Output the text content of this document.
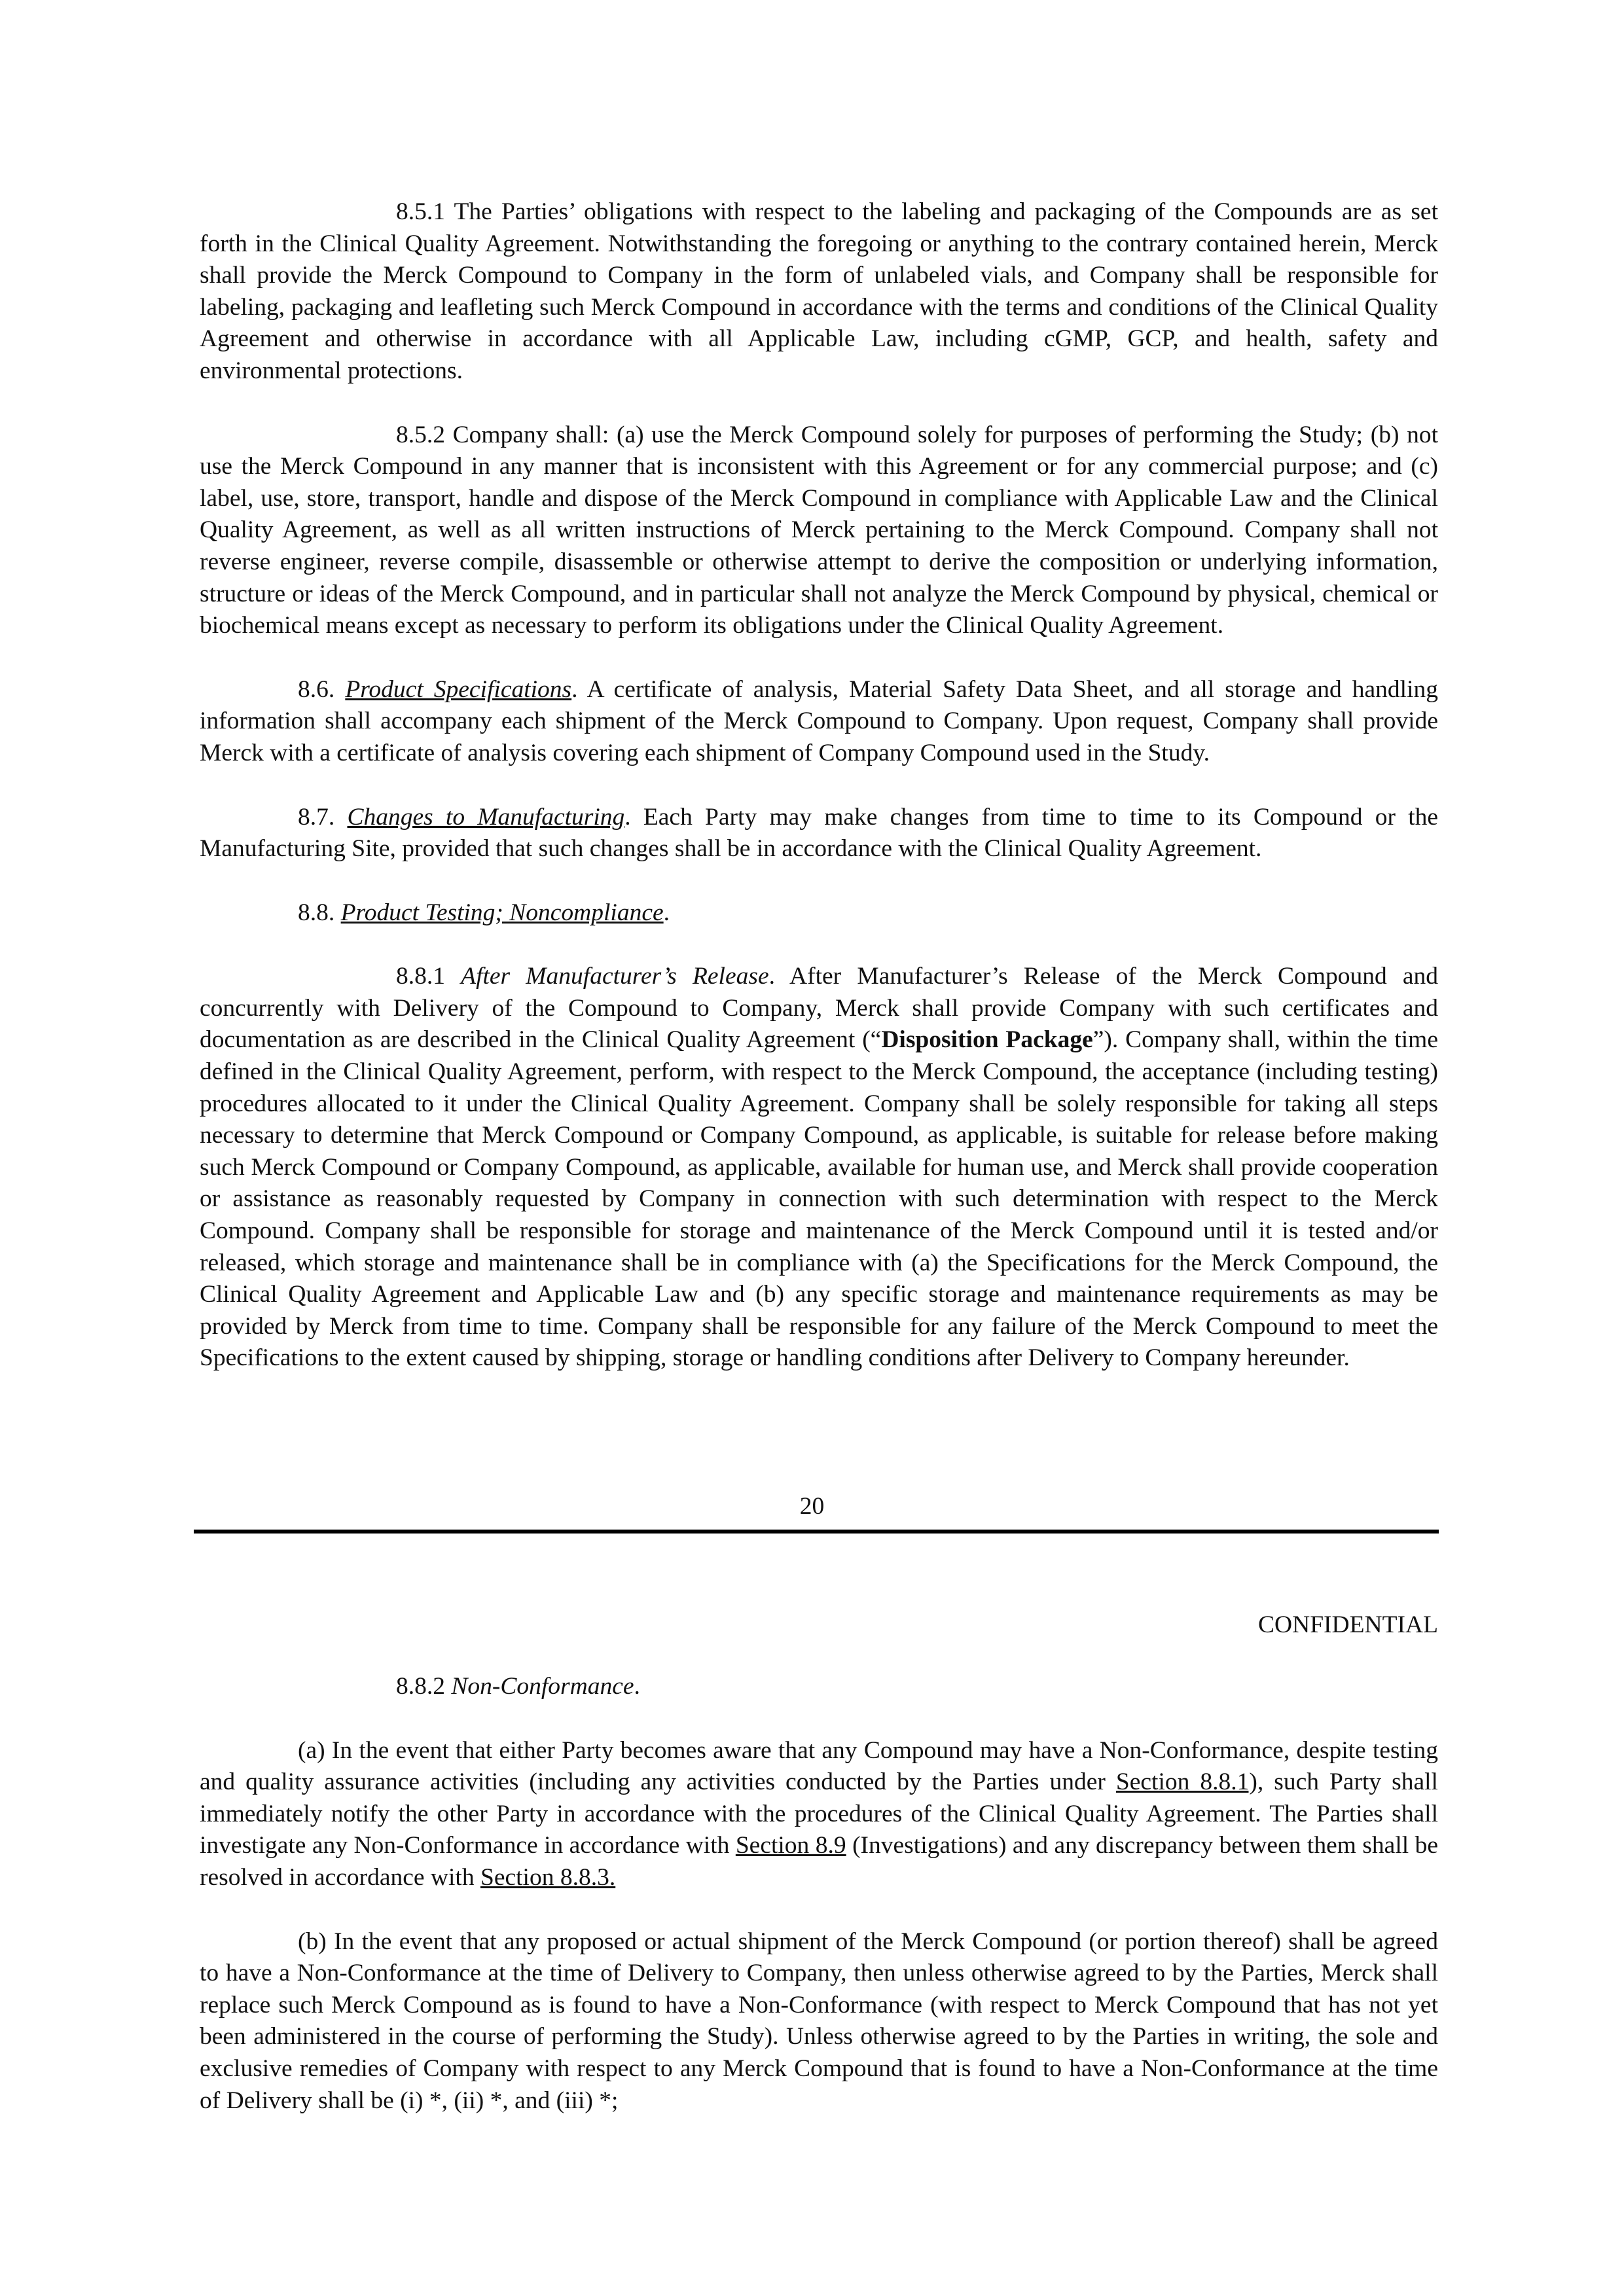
8.5.1 The Parties’ obligations with respect to the labeling and packaging of the Compounds are as set forth in the Clinical Quality Agreement. Notwithstanding the foregoing or anything to the contrary contained herein, Merck shall provide the Merck Compound to Company in the form of unlabeled vials, and Company shall be responsible for labeling, packaging and leafleting such Merck Compound in accordance with the terms and conditions of the Clinical Quality Agreement and otherwise in accordance with all Applicable Law, including cGMP, GCP, and health, safety and environmental protections.

8.5.2 Company shall: (a) use the Merck Compound solely for purposes of performing the Study; (b) not use the Merck Compound in any manner that is inconsistent with this Agreement or for any commercial purpose; and (c) label, use, store, transport, handle and dispose of the Merck Compound in compliance with Applicable Law and the Clinical Quality Agreement, as well as all written instructions of Merck pertaining to the Merck Compound. Company shall not reverse engineer, reverse compile, disassemble or otherwise attempt to derive the composition or underlying information, structure or ideas of the Merck Compound, and in particular shall not analyze the Merck Compound by physical, chemical or biochemical means except as necessary to perform its obligations under the Clinical Quality Agreement.

8.6. Product Specifications. A certificate of analysis, Material Safety Data Sheet, and all storage and handling information shall accompany each shipment of the Merck Compound to Company. Upon request, Company shall provide Merck with a certificate of analysis covering each shipment of Company Compound used in the Study.

8.7. Changes to Manufacturing. Each Party may make changes from time to time to its Compound or the Manufacturing Site, provided that such changes shall be in accordance with the Clinical Quality Agreement.

8.8. Product Testing; Noncompliance.

8.8.1 After Manufacturer’s Release. After Manufacturer’s Release of the Merck Compound and concurrently with Delivery of the Compound to Company, Merck shall provide Company with such certificates and documentation as are described in the Clinical Quality Agreement (“Disposition Package”). Company shall, within the time defined in the Clinical Quality Agreement, perform, with respect to the Merck Compound, the acceptance (including testing) procedures allocated to it under the Clinical Quality Agreement. Company shall be solely responsible for taking all steps necessary to determine that Merck Compound or Company Compound, as applicable, is suitable for release before making such Merck Compound or Company Compound, as applicable, available for human use, and Merck shall provide cooperation or assistance as reasonably requested by Company in connection with such determination with respect to the Merck Compound. Company shall be responsible for storage and maintenance of the Merck Compound until it is tested and/or released, which storage and maintenance shall be in compliance with (a) the Specifications for the Merck Compound, the Clinical Quality Agreement and Applicable Law and (b) any specific storage and maintenance requirements as may be provided by Merck from time to time. Company shall be responsible for any failure of the Merck Compound to meet the Specifications to the extent caused by shipping, storage or handling conditions after Delivery to Company hereunder.

20
CONFIDENTIAL

8.8.2 Non-Conformance.

(a) In the event that either Party becomes aware that any Compound may have a Non-Conformance, despite testing and quality assurance activities (including any activities conducted by the Parties under Section 8.8.1), such Party shall immediately notify the other Party in accordance with the procedures of the Clinical Quality Agreement. The Parties shall investigate any Non-Conformance in accordance with Section 8.9 (Investigations) and any discrepancy between them shall be resolved in accordance with Section 8.8.3.

(b) In the event that any proposed or actual shipment of the Merck Compound (or portion thereof) shall be agreed to have a Non-Conformance at the time of Delivery to Company, then unless otherwise agreed to by the Parties, Merck shall replace such Merck Compound as is found to have a Non-Conformance (with respect to Merck Compound that has not yet been administered in the course of performing the Study). Unless otherwise agreed to by the Parties in writing, the sole and exclusive remedies of Company with respect to any Merck Compound that is found to have a Non-Conformance at the time of Delivery shall be (i) *, (ii) *, and (iii) *;
